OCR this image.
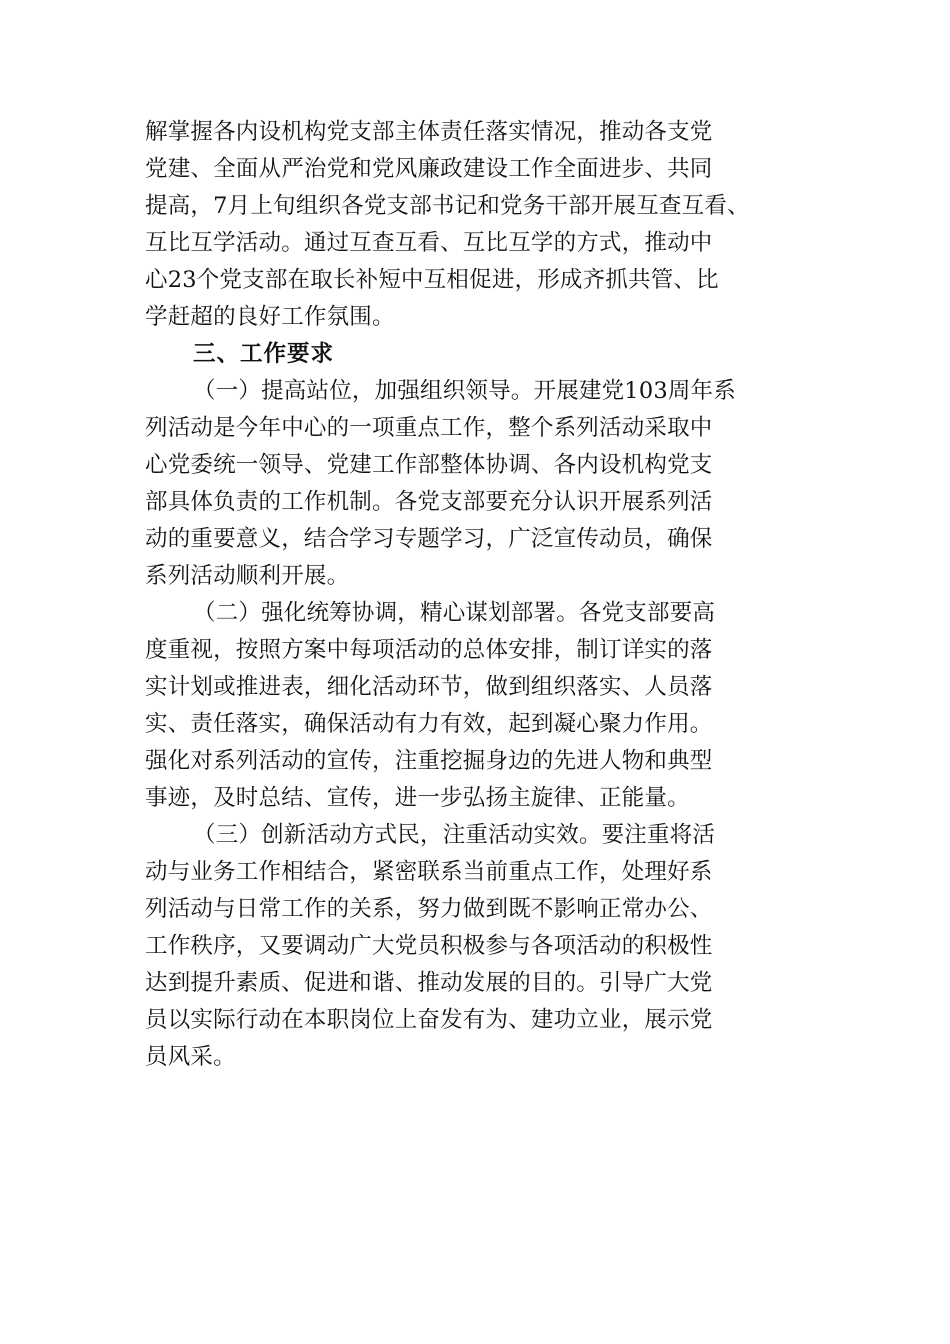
解掌握各内设机构党支部主体责任落实情况，推动各支党
党建、全面从严治党和党风廉政建设工作全面进步、共同
提高，7月上旬组织各党支部书记和党务干部开展互查互看、
互比互学活动。通过互查互看、互比互学的方式，推动中
心23个党支部在取长补短中互相促进，形成齐抓共管、比
学赶超的良好工作氛围。
三、工作要求
（一）提高站位，加强组织领导。开展建党103周年系
列活动是今年中心的一项重点工作，整个系列活动采取中
心党委统一领导、党建工作部整体协调、各内设机构党支
部具体负责的工作机制。各党支部要充分认识开展系列活
动的重要意义，结合学习专题学习，广泛宣传动员，确保
系列活动顺利开展。
（二）强化统筹协调，精心谋划部署。各党支部要高
度重视，按照方案中每项活动的总体安排，制订详实的落
实计划或推进表，细化活动环节，做到组织落实、人员落
实、责任落实，确保活动有力有效，起到凝心聚力作用。
强化对系列活动的宣传，注重挖掘身边的先进人物和典型
事迹，及时总结、宣传，进一步弘扬主旋律、正能量。
（三）创新活动方式民，注重活动实效。要注重将活
动与业务工作相结合，紧密联系当前重点工作，处理好系
列活动与日常工作的关系，努力做到既不影响正常办公、
工作秩序，又要调动广大党员积极参与各项活动的积极性
达到提升素质、促进和谐、推动发展的目的。引导广大党
员以实际行动在本职岗位上奋发有为、建功立业，展示党
员风采。
